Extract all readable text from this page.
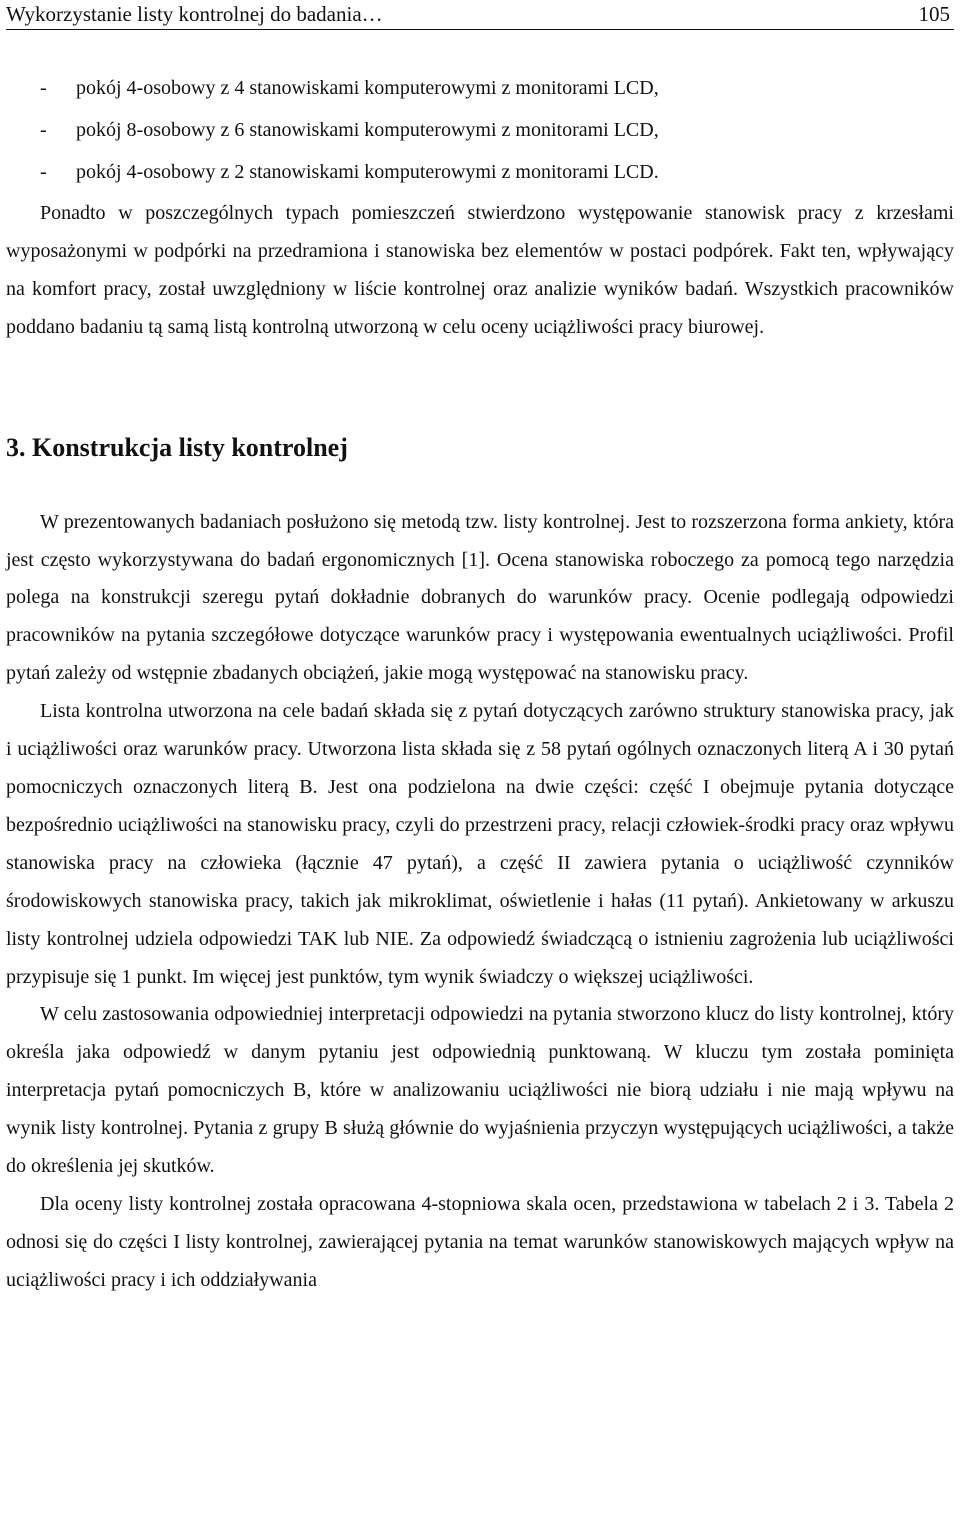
Wykorzystanie listy kontrolnej do badania…	105
- pokój 4-osobowy z 4 stanowiskami komputerowymi z monitorami LCD,
- pokój 8-osobowy z 6 stanowiskami komputerowymi z monitorami LCD,
- pokój 4-osobowy z 2 stanowiskami komputerowymi z monitorami LCD.

Ponadto w poszczególnych typach pomieszczeń stwierdzono występowanie stanowisk pracy z krzesłami wyposażonymi w podpórki na przedramiona i stanowiska bez elementów w postaci podpórek. Fakt ten, wpływający na komfort pracy, został uwzględniony w liście kontrolnej oraz analizie wyników badań. Wszystkich pracowników poddano badaniu tą samą listą kontrolną utworzoną w celu oceny uciążliwości pracy biurowej.

3. Konstrukcja listy kontrolnej

W prezentowanych badaniach posłużono się metodą tzw. listy kontrolnej. Jest to rozszerzona forma ankiety, która jest często wykorzystywana do badań ergonomicznych [1]. Ocena stanowiska roboczego za pomocą tego narzędzia polega na konstrukcji szeregu pytań dokładnie dobranych do warunków pracy. Ocenie podlegają odpowiedzi pracowników na pytania szczegółowe dotyczące warunków pracy i występowania ewentualnych uciążliwości. Profil pytań zależy od wstępnie zbadanych obciążeń, jakie mogą występować na stanowisku pracy.

Lista kontrolna utworzona na cele badań składa się z pytań dotyczących zarówno struktury stanowiska pracy, jak i uciążliwości oraz warunków pracy. Utworzona lista składa się z 58 pytań ogólnych oznaczonych literą A i 30 pytań pomocniczych oznaczonych literą B. Jest ona podzielona na dwie części: część I obejmuje pytania dotyczące bezpośrednio uciążliwości na stanowisku pracy, czyli do przestrzeni pracy, relacji człowiek-środki pracy oraz wpływu stanowiska pracy na człowieka (łącznie 47 pytań), a część II zawiera pytania o uciążliwość czynników środowiskowych stanowiska pracy, takich jak mikroklimat, oświetlenie i hałas (11 pytań). Ankietowany w arkuszu listy kontrolnej udziela odpowiedzi TAK lub NIE. Za odpowiedź świadczącą o istnieniu zagrożenia lub uciążliwości przypisuje się 1 punkt. Im więcej jest punktów, tym wynik świadczy o większej uciążliwości.

W celu zastosowania odpowiedniej interpretacji odpowiedzi na pytania stworzono klucz do listy kontrolnej, który określa jaka odpowiedź w danym pytaniu jest odpowiednią punktowaną. W kluczu tym została pominięta interpretacja pytań pomocniczych B, które w analizowaniu uciążliwości nie biorą udziału i nie mają wpływu na wynik listy kontrolnej. Pytania z grupy B służą głównie do wyjaśnienia przyczyn występujących uciążliwości, a także do określenia jej skutków.

Dla oceny listy kontrolnej została opracowana 4-stopniowa skala ocen, przedstawiona w tabelach 2 i 3. Tabela 2 odnosi się do części I listy kontrolnej, zawierającej pytania na temat warunków stanowiskowych mających wpływ na uciążliwości pracy i ich oddziaływania
